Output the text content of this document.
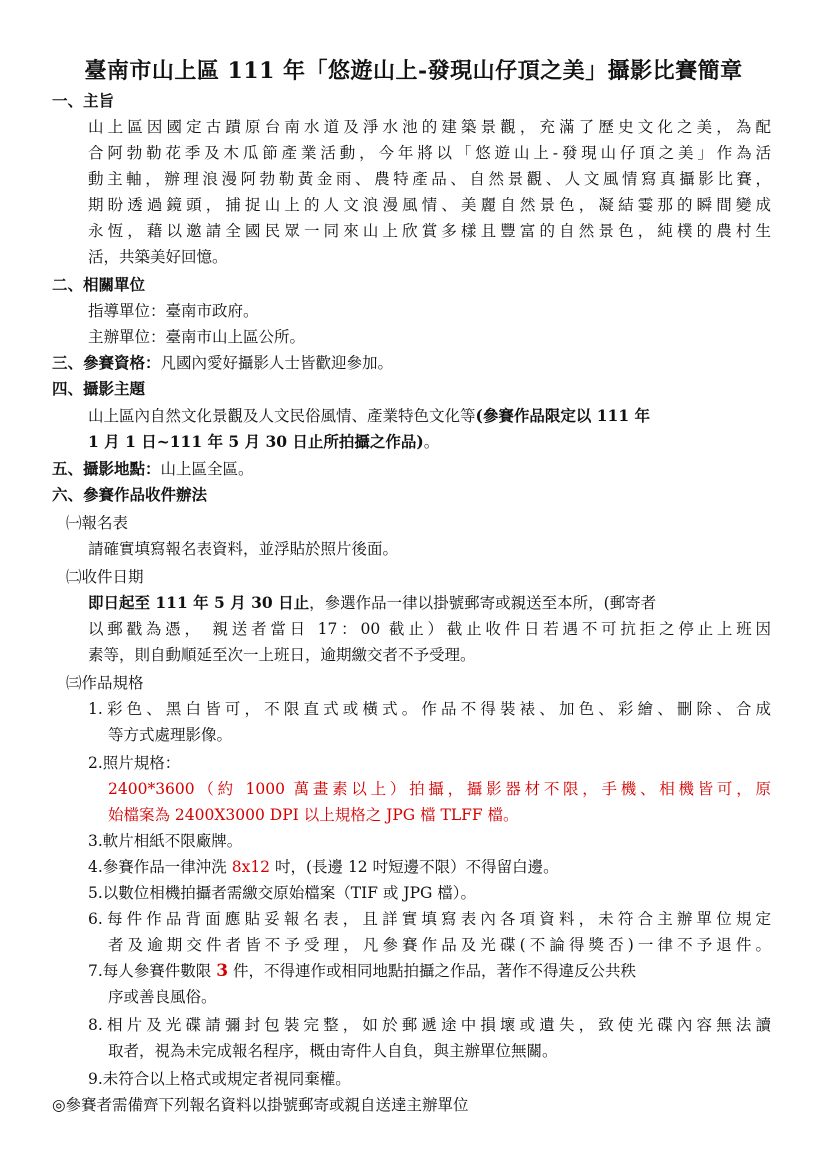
臺南市山上區 111 年「悠遊山上-發現山仔頂之美」攝影比賽簡章
一、主旨
山上區因國定古蹟原台南水道及淨水池的建築景觀，充滿了歷史文化之美，為配
合阿勃勒花季及木瓜節產業活動，今年將以「悠遊山上-發現山仔頂之美」作為活
動主軸，辦理浪漫阿勃勒黃金雨、農特產品、自然景觀、人文風情寫真攝影比賽，
期盼透過鏡頭，捕捉山上的人文浪漫風情、美麗自然景色，凝結霎那的瞬間變成
永恆，藉以邀請全國民眾一同來山上欣賞多樣且豐富的自然景色，純樸的農村生
活，共築美好回憶。
二、相關單位
指導單位：臺南市政府。
主辦單位：臺南市山上區公所。
三、參賽資格：凡國內愛好攝影人士皆歡迎參加。
四、攝影主題
山上區內自然文化景觀及人文民俗風情、產業特色文化等(參賽作品限定以 111 年
1 月 1 日~111 年 5 月 30 日止所拍攝之作品)。
五、攝影地點：山上區全區。
六、參賽作品收件辦法
㈠報名表
請確實填寫報名表資料，並浮貼於照片後面。
㈡收件日期
即日起至 111 年 5 月 30 日止，參選作品一律以掛號郵寄或親送至本所，(郵寄者
以郵戳為憑， 親送者當日 17：00 截止）截止收件日若遇不可抗拒之停止上班因
素等，則自動順延至次一上班日，逾期繳交者不予受理。
㈢作品規格
1.彩色、黑白皆可，不限直式或橫式。作品不得裝裱、加色、彩繪、刪除、合成
等方式處理影像。
2.照片規格：
2400*3600（約 1000 萬畫素以上）拍攝，攝影器材不限，手機、相機皆可，原
始檔案為 2400X3000 DPI 以上規格之 JPG 檔 TLFF 檔。
3.軟片相紙不限廠牌。
4.參賽作品一律沖洗 8x12 吋，(長邊 12 吋短邊不限）不得留白邊。
5.以數位相機拍攝者需繳交原始檔案（TIF 或 JPG 檔）。
6.每件作品背面應貼妥報名表，且詳實填寫表內各項資料，未符合主辦單位規定
者及逾期交件者皆不予受理，凡參賽作品及光碟(不論得獎否)一律不予退件。
7.每人參賽件數限 3 件，不得連作或相同地點拍攝之作品，著作不得違反公共秩
序或善良風俗。
8.相片及光碟請彌封包裝完整，如於郵遞途中損壞或遺失，致使光碟內容無法讀
取者，視為未完成報名程序，概由寄件人自負，與主辦單位無關。
9.未符合以上格式或規定者視同棄權。
◎參賽者需備齊下列報名資料以掛號郵寄或親自送達主辦單位
